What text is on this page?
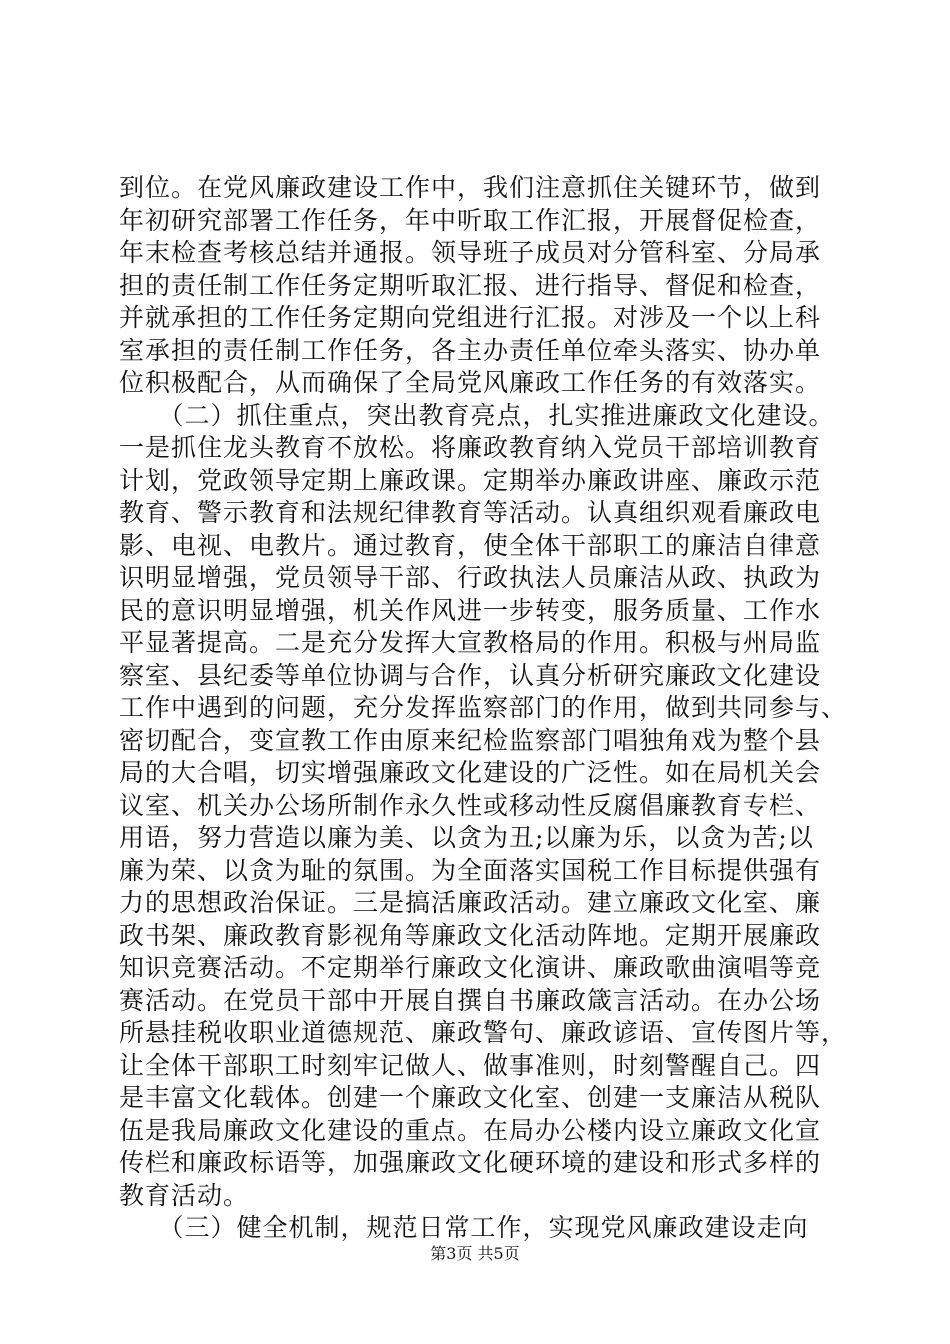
到位。在党风廉政建设工作中，我们注意抓住关键环节，做到
年初研究部署工作任务，年中听取工作汇报，开展督促检查，
年末检查考核总结并通报。领导班子成员对分管科室、分局承
担的责任制工作任务定期听取汇报、进行指导、督促和检查，
并就承担的工作任务定期向党组进行汇报。对涉及一个以上科
室承担的责任制工作任务，各主办责任单位牵头落实、协办单
位积极配合，从而确保了全局党风廉政工作任务的有效落实。
　　（二）抓住重点，突出教育亮点，扎实推进廉政文化建设。
一是抓住龙头教育不放松。将廉政教育纳入党员干部培训教育
计划，党政领导定期上廉政课。定期举办廉政讲座、廉政示范
教育、警示教育和法规纪律教育等活动。认真组织观看廉政电
影、电视、电教片。通过教育，使全体干部职工的廉洁自律意
识明显增强，党员领导干部、行政执法人员廉洁从政、执政为
民的意识明显增强，机关作风进一步转变，服务质量、工作水
平显著提高。二是充分发挥大宣教格局的作用。积极与州局监
察室、县纪委等单位协调与合作，认真分析研究廉政文化建设
工作中遇到的问题，充分发挥监察部门的作用，做到共同参与、
密切配合，变宣教工作由原来纪检监察部门唱独角戏为整个县
局的大合唱，切实增强廉政文化建设的广泛性。如在局机关会
议室、机关办公场所制作永久性或移动性反腐倡廉教育专栏、
用语，努力营造以廉为美、以贪为丑;以廉为乐，以贪为苦;以
廉为荣、以贪为耻的氛围。为全面落实国税工作目标提供强有
力的思想政治保证。三是搞活廉政活动。建立廉政文化室、廉
政书架、廉政教育影视角等廉政文化活动阵地。定期开展廉政
知识竞赛活动。不定期举行廉政文化演讲、廉政歌曲演唱等竞
赛活动。在党员干部中开展自撰自书廉政箴言活动。在办公场
所悬挂税收职业道德规范、廉政警句、廉政谚语、宣传图片等，
让全体干部职工时刻牢记做人、做事准则，时刻警醒自己。四
是丰富文化载体。创建一个廉政文化室、创建一支廉洁从税队
伍是我局廉政文化建设的重点。在局办公楼内设立廉政文化宣
传栏和廉政标语等，加强廉政文化硬环境的建设和形式多样的
教育活动。
　　（三）健全机制，规范日常工作，实现党风廉政建设走向
第3页 共5页
